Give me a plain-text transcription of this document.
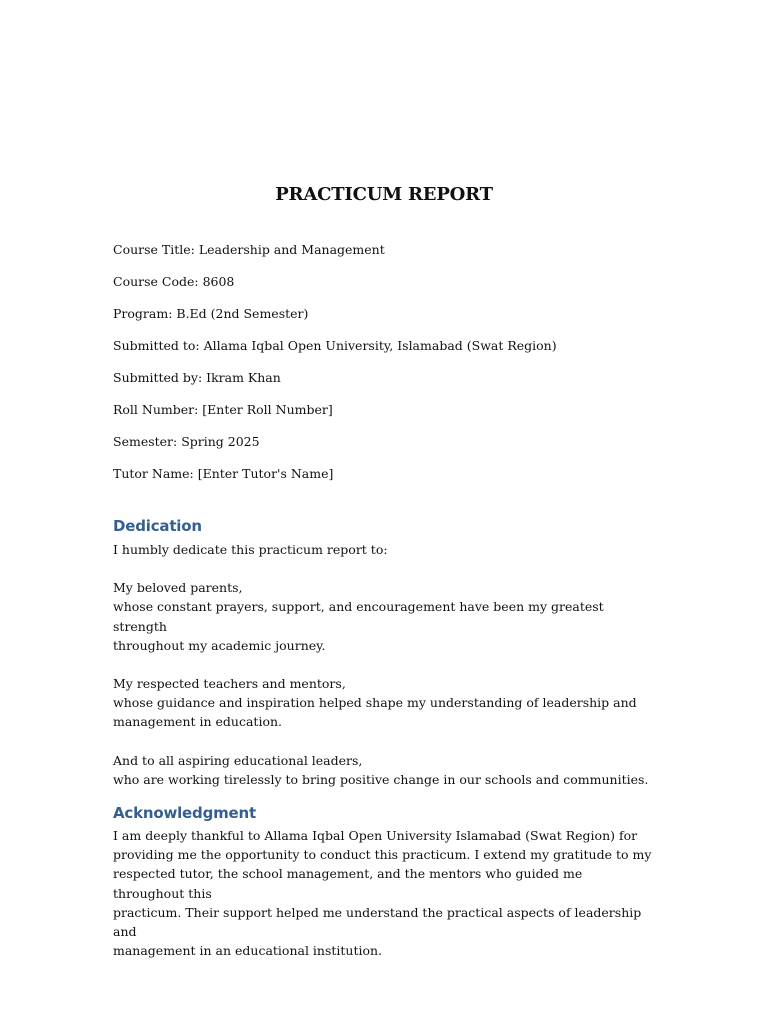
PRACTICUM REPORT
Course Title: Leadership and Management
Course Code: 8608
Program: B.Ed (2nd Semester)
Submitted to: Allama Iqbal Open University, Islamabad (Swat Region)
Submitted by: Ikram Khan
Roll Number: [Enter Roll Number]
Semester: Spring 2025
Tutor Name: [Enter Tutor's Name]
Dedication

I humbly dedicate this practicum report to:

My beloved parents,

whose constant prayers, support, and encouragement have been my greatest strength

throughout my academic journey.

My respected teachers and mentors,

whose guidance and inspiration helped shape my understanding of leadership and

management in education.

And to all aspiring educational leaders,

who are working tirelessly to bring positive change in our schools and communities.

Acknowledgment

I am deeply thankful to Allama Iqbal Open University Islamabad (Swat Region) for

providing me the opportunity to conduct this practicum. I extend my gratitude to my

respected tutor, the school management, and the mentors who guided me throughout this

practicum. Their support helped me understand the practical aspects of leadership and

management in an educational institution.
